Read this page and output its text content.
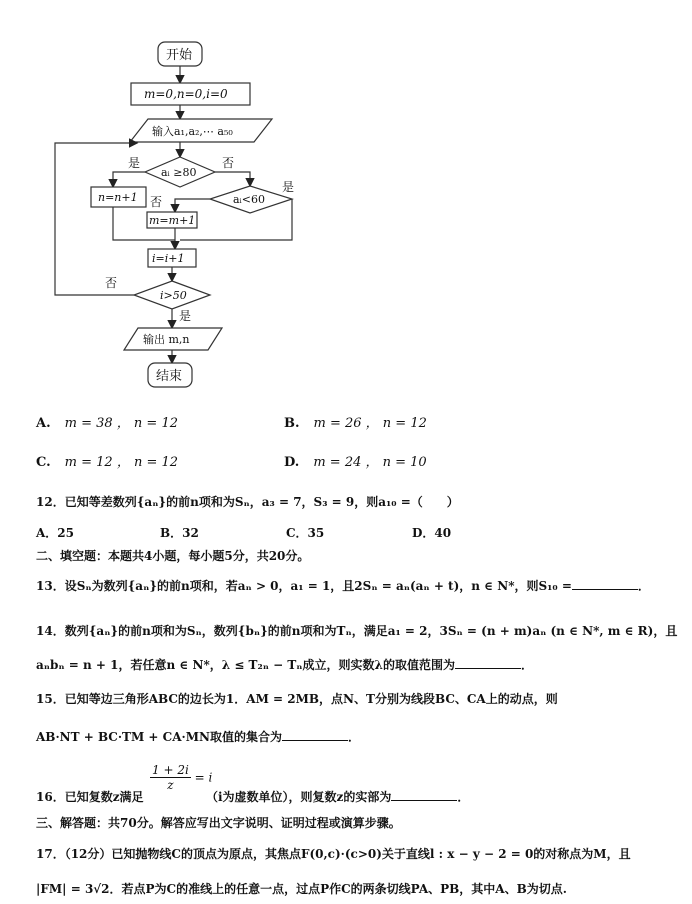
开始
m=0,n=0,i=0
输入a₁,a₂,⋯ a₅₀
aᵢ ≥80
是	否
n=n+1	aᵢ<60
是
否
m=m+1
i=i+1
i>50
否
是
输出 m,n
结束
A. m = 38 ， n = 12	B. m = 26 ， n = 12
C. m = 12 ， n = 12	D. m = 24 ， n = 10
12．已知等差数列{aₙ}的前n项和为Sₙ，a₃ = 7，S₃ = 9，则a₁₀ =（　　）
A．25	B．32	C．35	D．40
二、填空题：本题共4小题，每小题5分，共20分。
13．设Sₙ为数列{aₙ}的前n项和，若aₙ > 0，a₁ = 1，且2Sₙ = aₙ(aₙ + t)，n ∈ N*，则S₁₀ =	．
14．数列{aₙ}的前n项和为Sₙ，数列{bₙ}的前n项和为Tₙ，满足a₁ = 2，3Sₙ = (n + m)aₙ (n ∈ N*, m ∈ R)，且
aₙbₙ = n + 1，若任意n ∈ N*，λ ≤ T₂ₙ − Tₙ成立，则实数λ的取值范围为	．
15．已知等边三角形ABC的边长为1．AM = 2MB，点N、T分别为线段BC、CA上的动点，则
AB·NT + BC·TM + CA·MN取值的集合为	．
16．已知复数z满足
$\frac{1 + 2i}{z} = i$
（i为虚数单位），则复数z的实部为	．
三、解答题：共70分。解答应写出文字说明、证明过程或演算步骤。
17．（12分）已知抛物线C的顶点为原点，其焦点F(0,c)·(c>0)关于直线l : x − y − 2 = 0的对称点为M，且
|FM| = 3√2．若点P为C的准线上的任意一点，过点P作C的两条切线PA、PB，其中A、B为切点.
